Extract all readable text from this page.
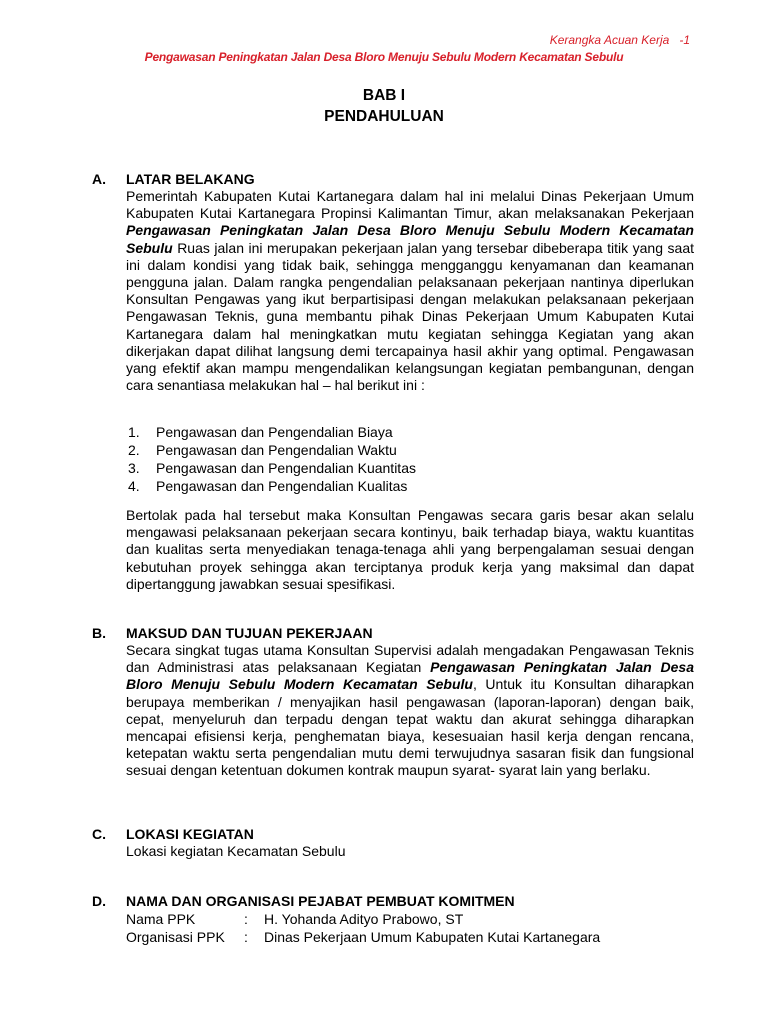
Kerangka Acuan Kerja -1
Pengawasan Peningkatan Jalan Desa Bloro Menuju Sebulu Modern Kecamatan Sebulu
BAB I
PENDAHULUAN
A. LATAR BELAKANG
Pemerintah Kabupaten Kutai Kartanegara dalam hal ini melalui Dinas Pekerjaan Umum Kabupaten Kutai Kartanegara Propinsi Kalimantan Timur, akan melaksanakan Pekerjaan Pengawasan Peningkatan Jalan Desa Bloro Menuju Sebulu Modern Kecamatan Sebulu Ruas jalan ini merupakan pekerjaan jalan yang tersebar dibeberapa titik yang saat ini dalam kondisi yang tidak baik, sehingga mengganggu kenyamanan dan keamanan pengguna jalan. Dalam rangka pengendalian pelaksanaan pekerjaan nantinya diperlukan Konsultan Pengawas yang ikut berpartisipasi dengan melakukan pelaksanaan pekerjaan Pengawasan Teknis, guna membantu pihak Dinas Pekerjaan Umum Kabupaten Kutai Kartanegara dalam hal meningkatkan mutu kegiatan sehingga Kegiatan yang akan dikerjakan dapat dilihat langsung demi tercapainya hasil akhir yang optimal. Pengawasan yang efektif akan mampu mengendalikan kelangsungan kegiatan pembangunan, dengan cara senantiasa melakukan hal – hal berikut ini :
1.	Pengawasan dan Pengendalian Biaya
2.	Pengawasan dan Pengendalian Waktu
3.	Pengawasan dan Pengendalian Kuantitas
4.	Pengawasan dan Pengendalian Kualitas
Bertolak pada hal tersebut maka Konsultan Pengawas secara garis besar akan selalu mengawasi pelaksanaan pekerjaan secara kontinyu, baik terhadap biaya, waktu kuantitas dan kualitas serta menyediakan tenaga-tenaga ahli yang berpengalaman sesuai dengan kebutuhan proyek sehingga akan terciptanya produk kerja yang maksimal dan dapat dipertanggung jawabkan sesuai spesifikasi.
B. MAKSUD DAN TUJUAN PEKERJAAN
Secara singkat tugas utama Konsultan Supervisi adalah mengadakan Pengawasan Teknis dan Administrasi atas pelaksanaan Kegiatan Pengawasan Peningkatan Jalan Desa Bloro Menuju Sebulu Modern Kecamatan Sebulu, Untuk itu Konsultan diharapkan berupaya memberikan / menyajikan hasil pengawasan (laporan-laporan) dengan baik, cepat, menyeluruh dan terpadu dengan tepat waktu dan akurat sehingga diharapkan mencapai efisiensi kerja, penghematan biaya, kesesuaian hasil kerja dengan rencana, ketepatan waktu serta pengendalian mutu demi terwujudnya sasaran fisik dan fungsional sesuai dengan ketentuan dokumen kontrak maupun syarat- syarat lain yang berlaku.
C. LOKASI KEGIATAN
Lokasi kegiatan Kecamatan Sebulu
D. NAMA DAN ORGANISASI PEJABAT PEMBUAT KOMITMEN
Nama PPK	:	H. Yohanda Adityo Prabowo, ST
Organisasi PPK	:	Dinas Pekerjaan Umum Kabupaten Kutai Kartanegara
